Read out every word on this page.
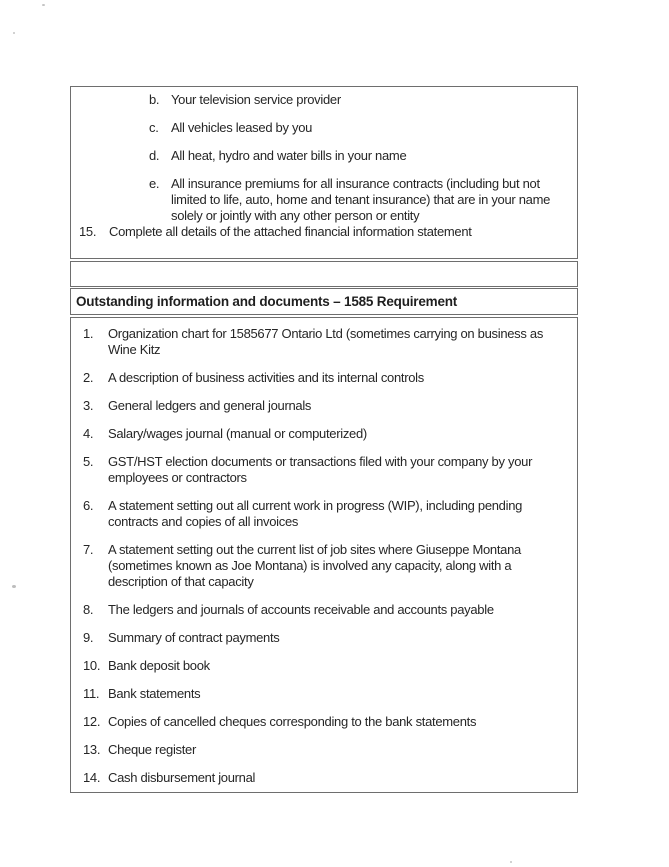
b. Your television service provider
c. All vehicles leased by you
d. All heat, hydro and water bills in your name
e. All insurance premiums for all insurance contracts (including but not
limited to life, auto, home and tenant insurance) that are in your name
solely or jointly with any other person or entity
15. Complete all details of the attached financial information statement
Outstanding information and documents – 1585 Requirement
1.	Organization chart for 1585677 Ontario Ltd (sometimes carrying on business as
Wine Kitz
2.	A description of business activities and its internal controls
3.	General ledgers and general journals
4.	Salary/wages journal (manual or computerized)
5.	GST/HST election documents or transactions filed with your company by your
employees or contractors
6.	A statement setting out all current work in progress (WIP), including pending
contracts and copies of all invoices
7.	A statement setting out the current list of job sites where Giuseppe Montana
(sometimes known as Joe Montana) is involved any capacity, along with a
description of that capacity
8.	The ledgers and journals of accounts receivable and accounts payable
9.	Summary of contract payments
10. Bank deposit book
11. Bank statements
12. Copies of cancelled cheques corresponding to the bank statements
13. Cheque register
14. Cash disbursement journal
